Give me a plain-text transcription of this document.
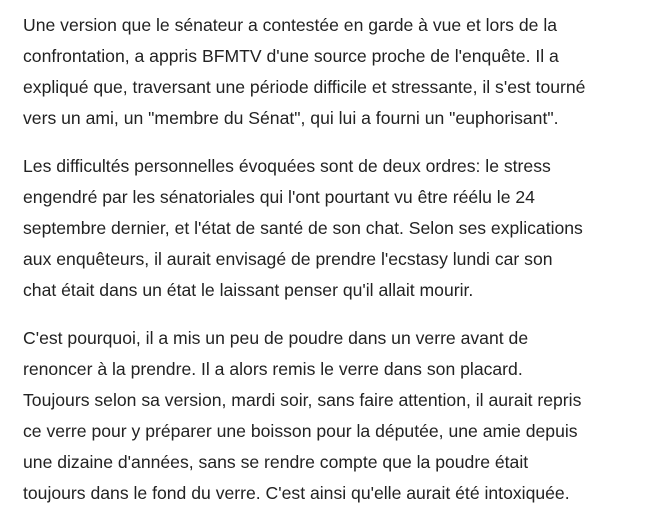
Une version que le sénateur a contestée en garde à vue et lors de la
confrontation, a appris BFMTV d'une source proche de l'enquête. Il a
expliqué que, traversant une période difficile et stressante, il s'est tourné
vers un ami, un "membre du Sénat", qui lui a fourni un "euphorisant".

Les difficultés personnelles évoquées sont de deux ordres: le stress
engendré par les sénatoriales qui l'ont pourtant vu être réélu le 24
septembre dernier, et l'état de santé de son chat. Selon ses explications
aux enquêteurs, il aurait envisagé de prendre l'ecstasy lundi car son
chat était dans un état le laissant penser qu'il allait mourir.

C'est pourquoi, il a mis un peu de poudre dans un verre avant de
renoncer à la prendre. Il a alors remis le verre dans son placard.
Toujours selon sa version, mardi soir, sans faire attention, il aurait repris
ce verre pour y préparer une boisson pour la députée, une amie depuis
une dizaine d'années, sans se rendre compte que la poudre était
toujours dans le fond du verre. C'est ainsi qu'elle aurait été intoxiquée.
